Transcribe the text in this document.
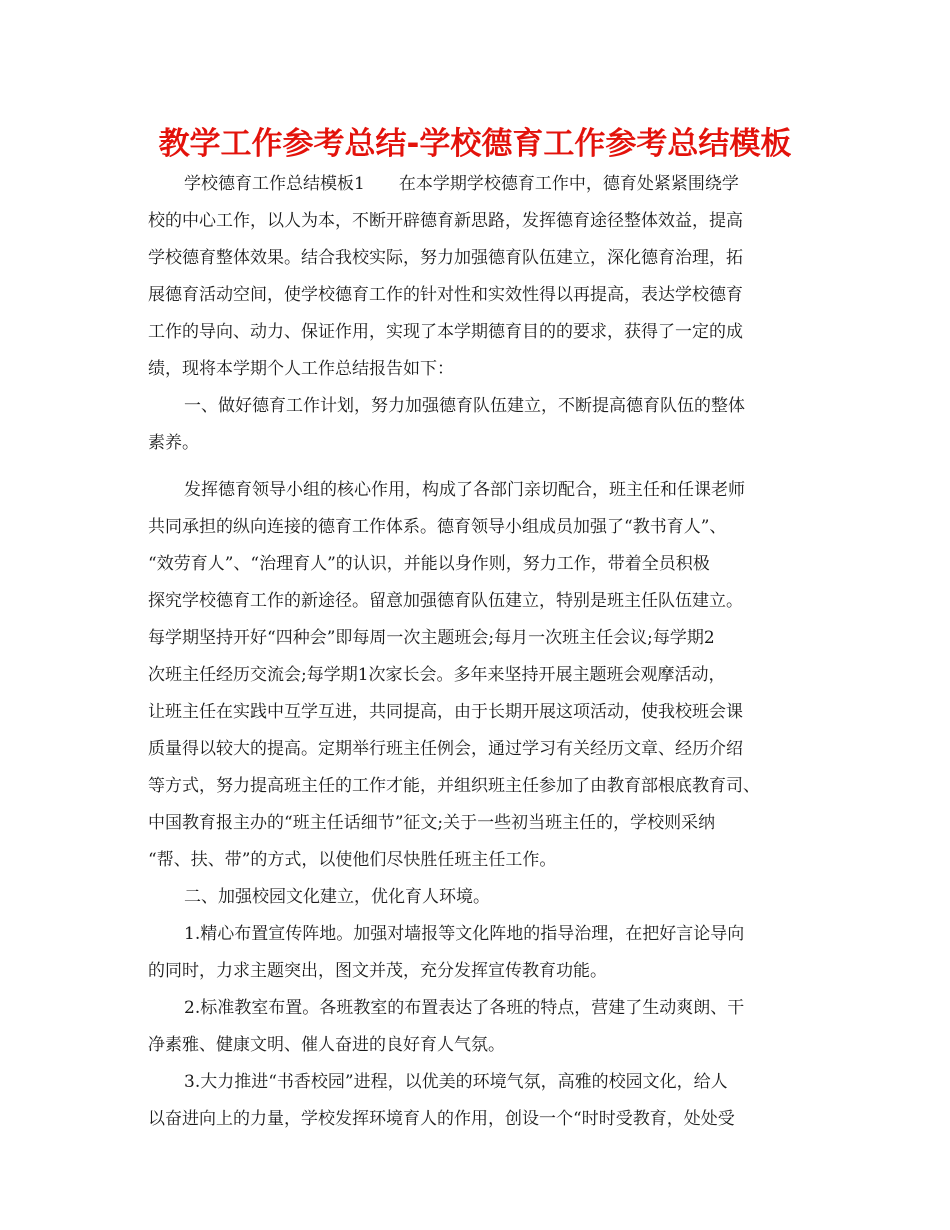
教学工作参考总结-学校德育工作参考总结模板
学校德育工作总结模板1　　在本学期学校德育工作中，德育处紧紧围绕学
校的中心工作，以人为本，不断开辟德育新思路，发挥德育途径整体效益，提高
学校德育整体效果。结合我校实际，努力加强德育队伍建立，深化德育治理，拓
展德育活动空间，使学校德育工作的针对性和实效性得以再提高，表达学校德育
工作的导向、动力、保证作用，实现了本学期德育目的的要求，获得了一定的成
绩，现将本学期个人工作总结报告如下：
一、做好德育工作计划，努力加强德育队伍建立，不断提高德育队伍的整体
素养。
发挥德育领导小组的核心作用，构成了各部门亲切配合，班主任和任课老师
共同承担的纵向连接的德育工作体系。德育领导小组成员加强了“教书育人”、
“效劳育人”、“治理育人”的认识，并能以身作则，努力工作，带着全员积极
探究学校德育工作的新途径。留意加强德育队伍建立，特别是班主任队伍建立。
每学期坚持开好“四种会”即每周一次主题班会;每月一次班主任会议;每学期2
次班主任经历交流会;每学期1次家长会。多年来坚持开展主题班会观摩活动，
让班主任在实践中互学互进，共同提高，由于长期开展这项活动，使我校班会课
质量得以较大的提高。定期举行班主任例会，通过学习有关经历文章、经历介绍
等方式，努力提高班主任的工作才能，并组织班主任参加了由教育部根底教育司、
中国教育报主办的“班主任话细节”征文;关于一些初当班主任的，学校则采纳
“帮、扶、带”的方式，以使他们尽快胜任班主任工作。
二、加强校园文化建立，优化育人环境。
1.精心布置宣传阵地。加强对墙报等文化阵地的指导治理，在把好言论导向
的同时，力求主题突出，图文并茂，充分发挥宣传教育功能。
2.标准教室布置。各班教室的布置表达了各班的特点，营建了生动爽朗、干
净素雅、健康文明、催人奋进的良好育人气氛。
3.大力推进“书香校园”进程，以优美的环境气氛，高雅的校园文化，给人
以奋进向上的力量，学校发挥环境育人的作用，创设一个“时时受教育，处处受
